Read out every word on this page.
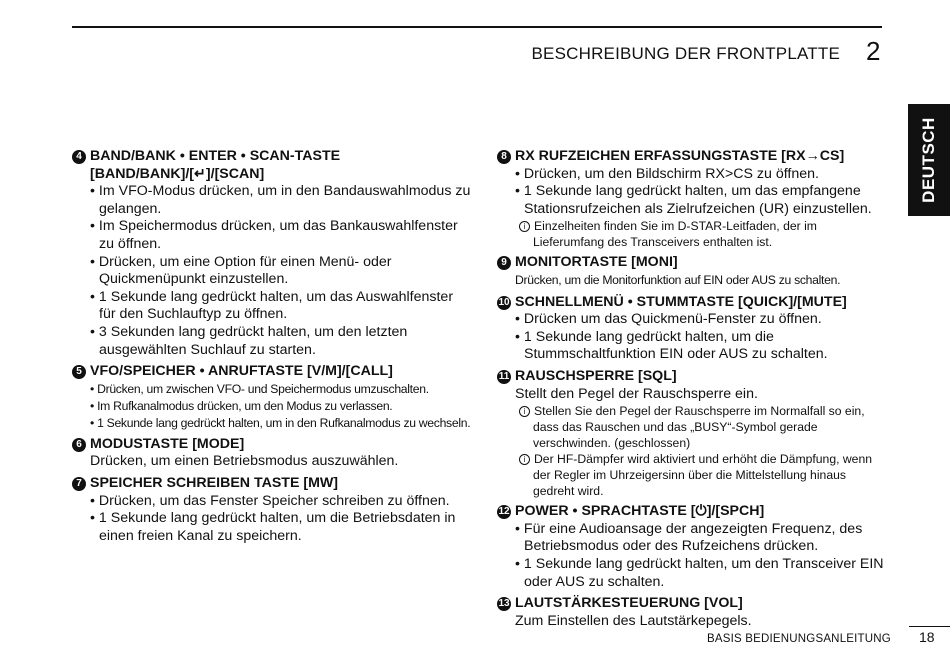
BESCHREIBUNG DER FRONTPLATTE 2
DEUTSCH
4 BAND/BANK • ENTER • SCAN-TASTE [BAND/BANK]/[↵]/[SCAN]
• Im VFO-Modus drücken, um in den Bandauswahlmodus zu gelangen.
• Im Speichermodus drücken, um das Bankauswahlfenster zu öffnen.
• Drücken, um eine Option für einen Menü- oder Quickmenüpunkt einzustellen.
• 1 Sekunde lang gedrückt halten, um das Auswahlfenster für den Suchlauftyp zu öffnen.
• 3 Sekunden lang gedrückt halten, um den letzten ausgewählten Suchlauf zu starten.
5 VFO/SPEICHER • ANRUFTASTE [V/M]/[CALL]
• Drücken, um zwischen VFO- und Speichermodus umzuschalten.
• Im Rufkanalmodus drücken, um den Modus zu verlassen.
• 1 Sekunde lang gedrückt halten, um in den Rufkanalmodus zu wechseln.
6 MODUSTASTE [MODE]
Drücken, um einen Betriebsmodus auszuwählen.
7 SPEICHER SCHREIBEN TASTE [MW]
• Drücken, um das Fenster Speicher schreiben zu öffnen.
• 1 Sekunde lang gedrückt halten, um die Betriebsdaten in einen freien Kanal zu speichern.
8 RX RUFZEICHEN ERFASSUNGSTASTE [RX→CS]
• Drücken, um den Bildschirm RX>CS zu öffnen.
• 1 Sekunde lang gedrückt halten, um das empfangene Stationsrufzeichen als Zielrufzeichen (UR) einzustellen.
i Einzelheiten finden Sie im D-STAR-Leitfaden, der im Lieferumfang des Transceivers enthalten ist.
9 MONITORTASTE [MONI]
Drücken, um die Monitorfunktion auf EIN oder AUS zu schalten.
10 SCHNELLMENÜ • STUMMTASTE [QUICK]/[MUTE]
• Drücken um das Quickmenü-Fenster zu öffnen.
• 1 Sekunde lang gedrückt halten, um die Stummschaltfunktion EIN oder AUS zu schalten.
11 RAUSCHSPERRE [SQL]
Stellt den Pegel der Rauschsperre ein.
i Stellen Sie den Pegel der Rauschsperre im Normalfall so ein, dass das Rauschen und das „BUSY“-Symbol gerade verschwinden. (geschlossen)
i Der HF-Dämpfer wird aktiviert und erhöht die Dämpfung, wenn der Regler im Uhrzeigersinn über die Mittelstellung hinaus gedreht wird.
12 POWER • SPRACHTASTE [⏻]/[SPCH]
• Für eine Audioansage der angezeigten Frequenz, des Betriebsmodus oder des Rufzeichens drücken.
• 1 Sekunde lang gedrückt halten, um den Transceiver EIN oder AUS zu schalten.
13 LAUTSTÄRKESTEUERUNG [VOL]
Zum Einstellen des Lautstärkepegels.
BASIS BEDIENUNGSANLEITUNG 18
